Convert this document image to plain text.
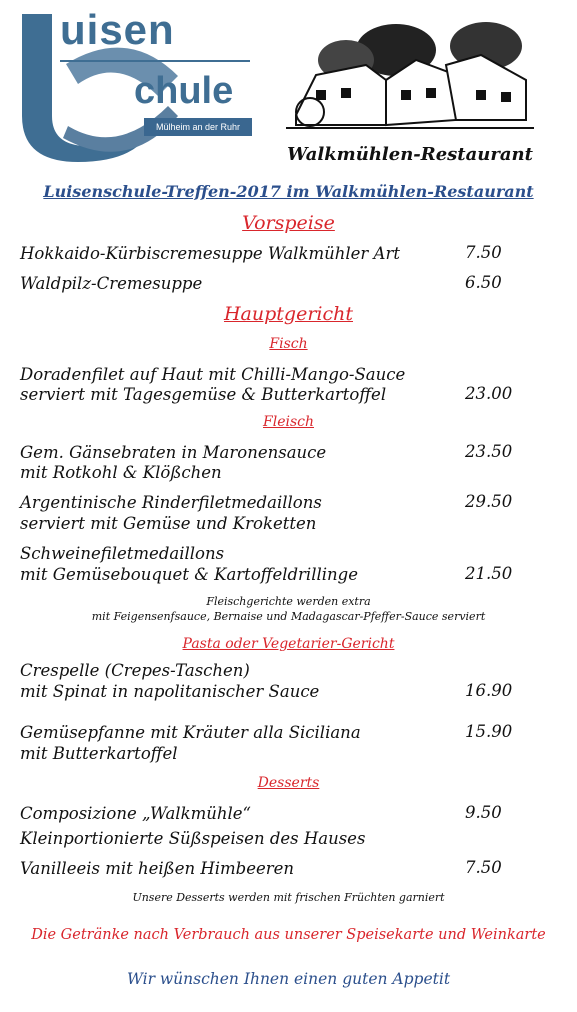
uisen
chule
Mülheim an der Ruhr
Walkmühlen-Restaurant
Luisenschule-Treffen-2017 im Walkmühlen-Restaurant
Vorspeise
Hokkaido-Kürbiscremesuppe Walkmühler Art	7.50
Waldpilz-Cremesuppe	6.50
Hauptgericht
Fisch
Doradenfilet auf Haut mit Chilli-Mango-Sauce
serviert mit Tagesgemüse & Butterkartoffel	23.00
Fleisch
Gem. Gänsebraten in Maronensauce	23.50
mit Rotkohl & Klößchen
Argentinische Rinderfiletmedaillons	29.50
serviert mit Gemüse und Kroketten
Schweinefiletmedaillons
mit Gemüsebouquet & Kartoffeldrillinge	21.50
Fleischgerichte werden extra
mit Feigensenfsauce, Bernaise und Madagascar-Pfeffer-Sauce serviert
Pasta oder Vegetarier-Gericht
Crespelle (Crepes-Taschen)
mit Spinat in napolitanischer Sauce	16.90
Gemüsepfanne mit Kräuter alla Siciliana	15.90
mit Butterkartoffel
Desserts
Composizione „Walkmühle“	9.50
Kleinportionierte Süßspeisen des Hauses
Vanilleeis mit heißen Himbeeren	7.50
Unsere Desserts werden mit frischen Früchten garniert
Die Getränke nach Verbrauch aus unserer Speisekarte und Weinkarte
Wir wünschen Ihnen einen guten Appetit
